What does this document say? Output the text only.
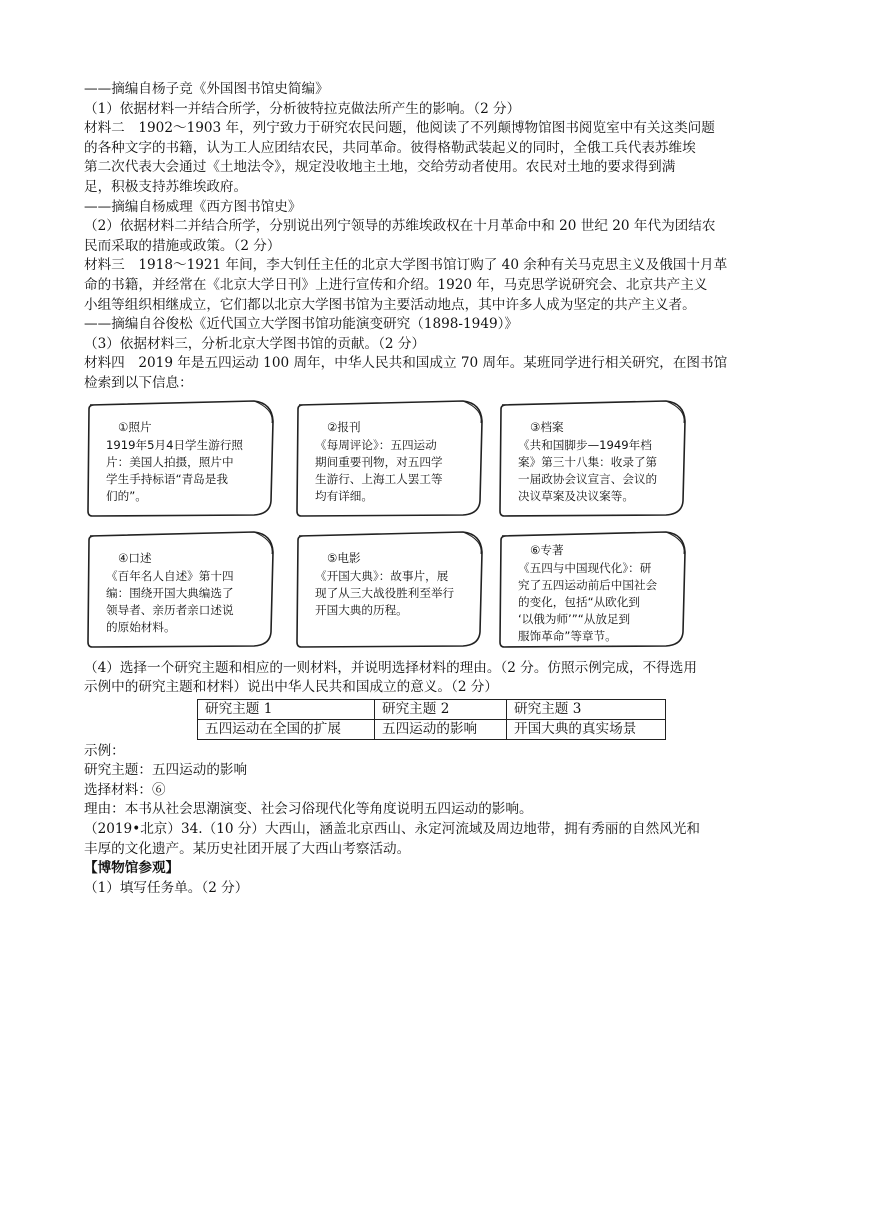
——摘编自杨子竞《外国图书馆史简编》
（1）依据材料一并结合所学，分析彼特拉克做法所产生的影响。（2 分）
材料二　1902～1903 年，列宁致力于研究农民问题，他阅读了不列颠博物馆图书阅览室中有关这类问题
的各种文字的书籍，认为工人应团结农民，共同革命。彼得格勒武装起义的同时，全俄工兵代表苏维埃
第二次代表大会通过《土地法令》，规定没收地主土地，交给劳动者使用。农民对土地的要求得到满
足，积极支持苏维埃政府。
——摘编自杨威理《西方图书馆史》
（2）依据材料二并结合所学，分别说出列宁领导的苏维埃政权在十月革命中和 20 世纪 20 年代为团结农
民而采取的措施或政策。（2 分）
材料三　1918～1921 年间，李大钊任主任的北京大学图书馆订购了 40 余种有关马克思主义及俄国十月革
命的书籍，并经常在《北京大学日刊》上进行宣传和介绍。1920 年，马克思学说研究会、北京共产主义
小组等组织相继成立，它们都以北京大学图书馆为主要活动地点，其中许多人成为坚定的共产主义者。
——摘编自谷俊松《近代国立大学图书馆功能演变研究（1898-1949）》
（3）依据材料三，分析北京大学图书馆的贡献。（2 分）
材料四　2019 年是五四运动 100 周年，中华人民共和国成立 70 周年。某班同学进行相关研究，在图书馆
检索到以下信息：
①照片
1919年5月4日学生游行照
片：美国人拍摄，照片中
学生手持标语“青岛是我
们的”。
②报刊
《每周评论》：五四运动
期间重要刊物，对五四学
生游行、上海工人罢工等
均有详细。
③档案
《共和国脚步—1949年档
案》第三十八集：收录了第
一届政协会议宣言、会议的
决议草案及决议案等。
④口述
《百年名人自述》第十四
编：围绕开国大典编选了
领导者、亲历者亲口述说
的原始材料。
⑤电影
《开国大典》：故事片，展
现了从三大战役胜利至举行
开国大典的历程。
⑥专著
《五四与中国现代化》：研
究了五四运动前后中国社会
的变化，包括“从欧化到
‘以俄为师’”“从放足到
服饰革命”等章节。
（4）选择一个研究主题和相应的一则材料，并说明选择材料的理由。（2 分。仿照示例完成，不得选用
示例中的研究主题和材料）说出中华人民共和国成立的意义。（2 分）
研究主题 1	研究主题 2	研究主题 3
五四运动在全国的扩展	五四运动的影响	开国大典的真实场景
示例：
研究主题：五四运动的影响
选择材料：⑥
理由：本书从社会思潮演变、社会习俗现代化等角度说明五四运动的影响。
（2019•北京）34.（10 分）大西山，涵盖北京西山、永定河流域及周边地带，拥有秀丽的自然风光和
丰厚的文化遗产。某历史社团开展了大西山考察活动。
【博物馆参观】
（1）填写任务单。（2 分）
